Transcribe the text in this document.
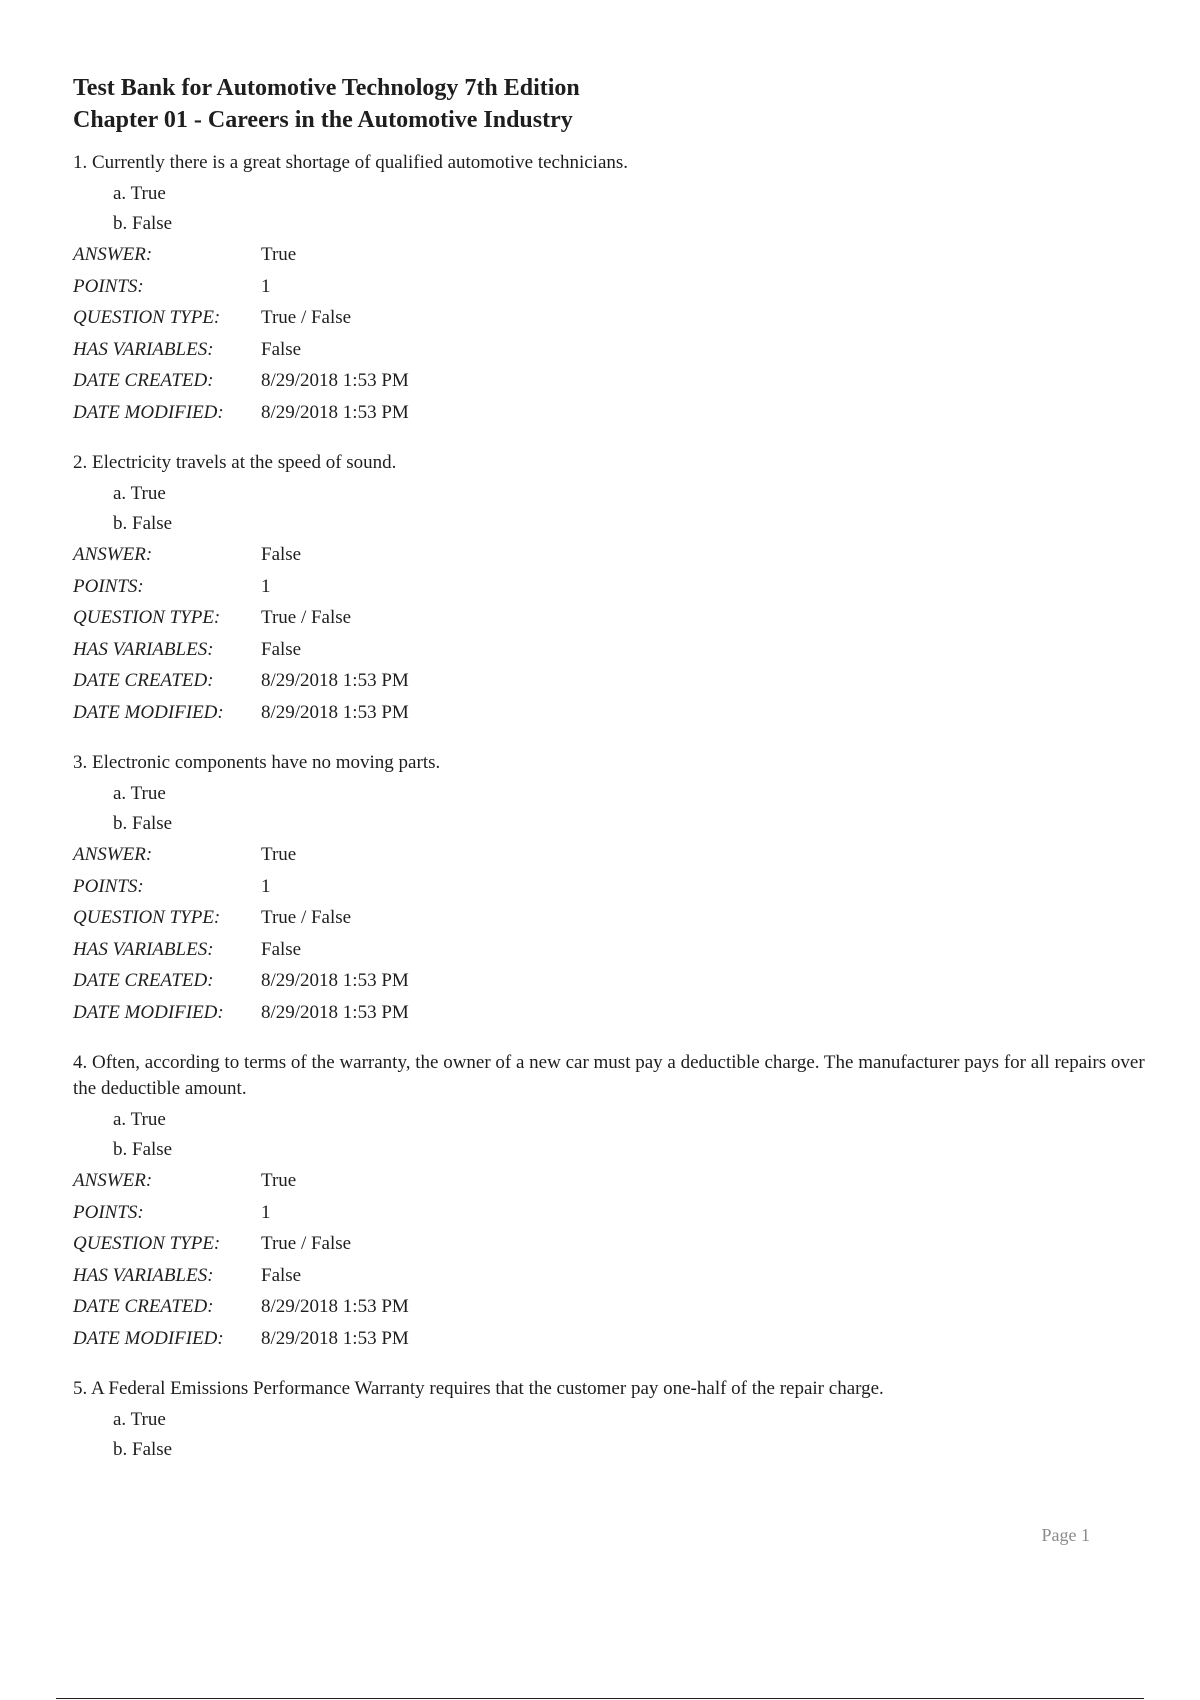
Test Bank for Automotive Technology 7th Edition
Chapter 01 - Careers in the Automotive Industry

1. Currently there is a great shortage of qualified automotive technicians.

a. True
b. False
ANSWER:	True
POINTS:	1
QUESTION TYPE:	True / False
HAS VARIABLES:	False
DATE CREATED:	8/29/2018 1:53 PM
DATE MODIFIED:	8/29/2018 1:53 PM

2. Electricity travels at the speed of sound.

a. True
b. False
ANSWER:	False
POINTS:	1
QUESTION TYPE:	True / False
HAS VARIABLES:	False
DATE CREATED:	8/29/2018 1:53 PM
DATE MODIFIED:	8/29/2018 1:53 PM

3. Electronic components have no moving parts.

a. True
b. False
ANSWER:	True
POINTS:	1
QUESTION TYPE:	True / False
HAS VARIABLES:	False
DATE CREATED:	8/29/2018 1:53 PM
DATE MODIFIED:	8/29/2018 1:53 PM

4. Often, according to terms of the warranty, the owner of a new car must pay a deductible charge. The manufacturer pays for all repairs over the deductible amount.

a. True
b. False
ANSWER:	True
POINTS:	1
QUESTION TYPE:	True / False
HAS VARIABLES:	False
DATE CREATED:	8/29/2018 1:53 PM
DATE MODIFIED:	8/29/2018 1:53 PM

5. A Federal Emissions Performance Warranty requires that the customer pay one-half of the repair charge.

a. True
b. False
Page 1
